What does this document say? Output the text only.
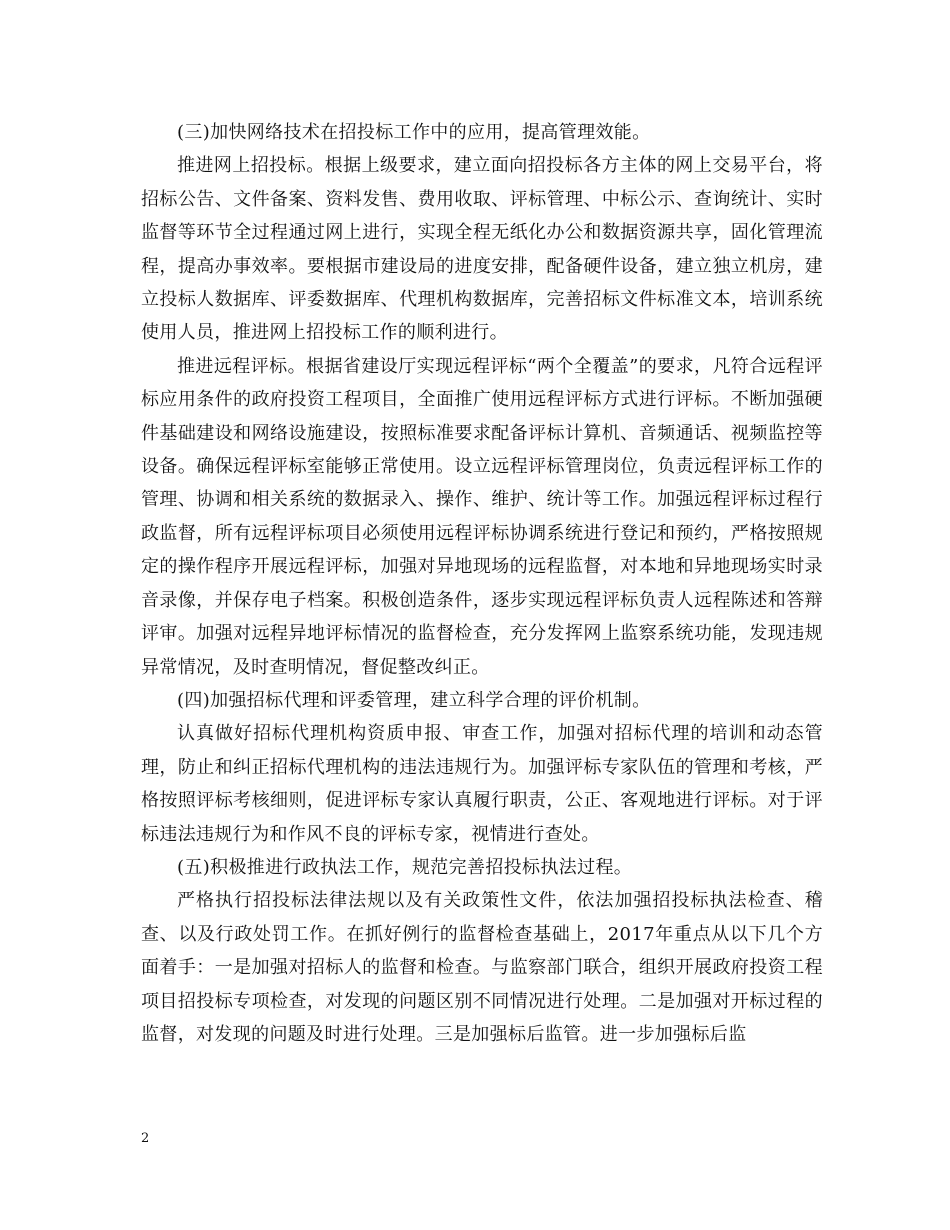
(三)加快网络技术在招投标工作中的应用，提高管理效能。

推进网上招投标。根据上级要求，建立面向招投标各方主体的网上交易平台，将招标公告、文件备案、资料发售、费用收取、评标管理、中标公示、查询统计、实时监督等环节全过程通过网上进行，实现全程无纸化办公和数据资源共享，固化管理流程，提高办事效率。要根据市建设局的进度安排，配备硬件设备，建立独立机房，建立投标人数据库、评委数据库、代理机构数据库，完善招标文件标准文本，培训系统使用人员，推进网上招投标工作的顺利进行。

推进远程评标。根据省建设厅实现远程评标“两个全覆盖”的要求，凡符合远程评标应用条件的政府投资工程项目，全面推广使用远程评标方式进行评标。不断加强硬件基础建设和网络设施建设，按照标准要求配备评标计算机、音频通话、视频监控等设备。确保远程评标室能够正常使用。设立远程评标管理岗位，负责远程评标工作的管理、协调和相关系统的数据录入、操作、维护、统计等工作。加强远程评标过程行政监督，所有远程评标项目必须使用远程评标协调系统进行登记和预约，严格按照规定的操作程序开展远程评标，加强对异地现场的远程监督，对本地和异地现场实时录音录像，并保存电子档案。积极创造条件，逐步实现远程评标负责人远程陈述和答辩评审。加强对远程异地评标情况的监督检查，充分发挥网上监察系统功能，发现违规异常情况，及时查明情况，督促整改纠正。

(四)加强招标代理和评委管理，建立科学合理的评价机制。

认真做好招标代理机构资质申报、审查工作，加强对招标代理的培训和动态管理，防止和纠正招标代理机构的违法违规行为。加强评标专家队伍的管理和考核，严格按照评标考核细则，促进评标专家认真履行职责，公正、客观地进行评标。对于评标违法违规行为和作风不良的评标专家，视情进行查处。

(五)积极推进行政执法工作，规范完善招投标执法过程。

严格执行招投标法律法规以及有关政策性文件，依法加强招投标执法检查、稽查、以及行政处罚工作。在抓好例行的监督检查基础上，2017年重点从以下几个方面着手：一是加强对招标人的监督和检查。与监察部门联合，组织开展政府投资工程项目招投标专项检查，对发现的问题区别不同情况进行处理。二是加强对开标过程的监督，对发现的问题及时进行处理。三是加强标后监管。进一步加强标后监

2
